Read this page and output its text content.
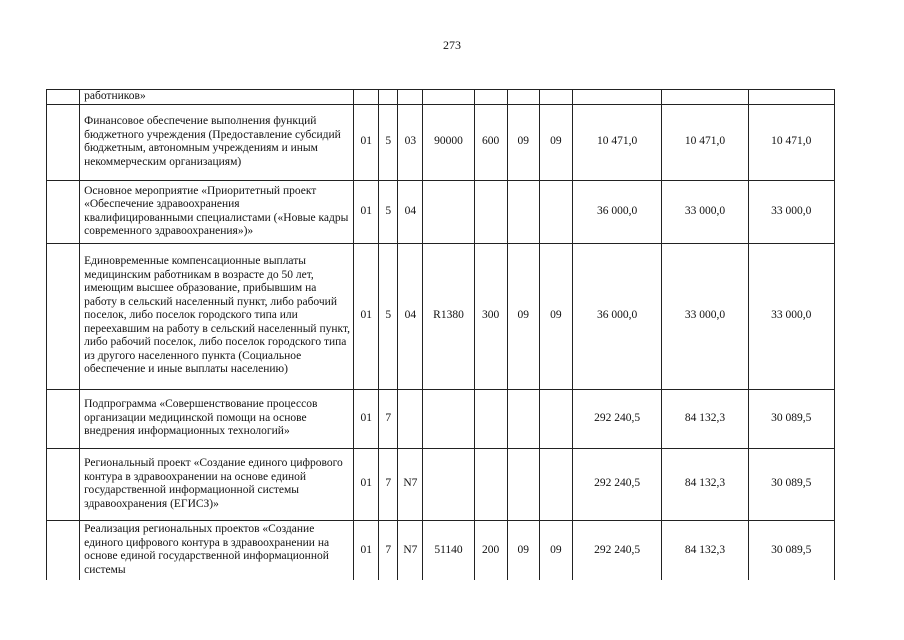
273
	работников»										
	Финансовое обеспечение выполнения функций бюджетного учреждения (Предоставление субсидий бюджетным, автономным учреждениям и иным некоммерческим организациям)	01	5	03	90000	600	09	09	10 471,0	10 471,0	10 471,0
	Основное мероприятие «Приоритетный проект «Обеспечение здравоохранения квалифицированными специалистами («Новые кадры современного здравоохранения»)»	01	5	04					36 000,0	33 000,0	33 000,0
	Единовременные компенсационные выплаты медицинским работникам в возрасте до 50 лет, имеющим высшее образование, прибывшим на работу в сельский населенный пункт, либо рабочий поселок, либо поселок городского типа или переехавшим на работу в сельский населенный пункт, либо рабочий поселок, либо поселок городского типа из другого населенного пункта (Социальное обеспечение и иные выплаты населению)	01	5	04	R1380	300	09	09	36 000,0	33 000,0	33 000,0
	Подпрограмма «Совершенствование процессов организации медицинской помощи на основе внедрения информационных технологий»	01	7						292 240,5	84 132,3	30 089,5
	Региональный проект «Создание единого цифрового контура в здравоохранении на основе единой государственной информационной системы здравоохранения (ЕГИСЗ)»	01	7	N7					292 240,5	84 132,3	30 089,5
	Реализация региональных проектов «Создание единого цифрового контура в здравоохранении на основе единой государственной информационной системы	01	7	N7	51140	200	09	09	292 240,5	84 132,3	30 089,5
